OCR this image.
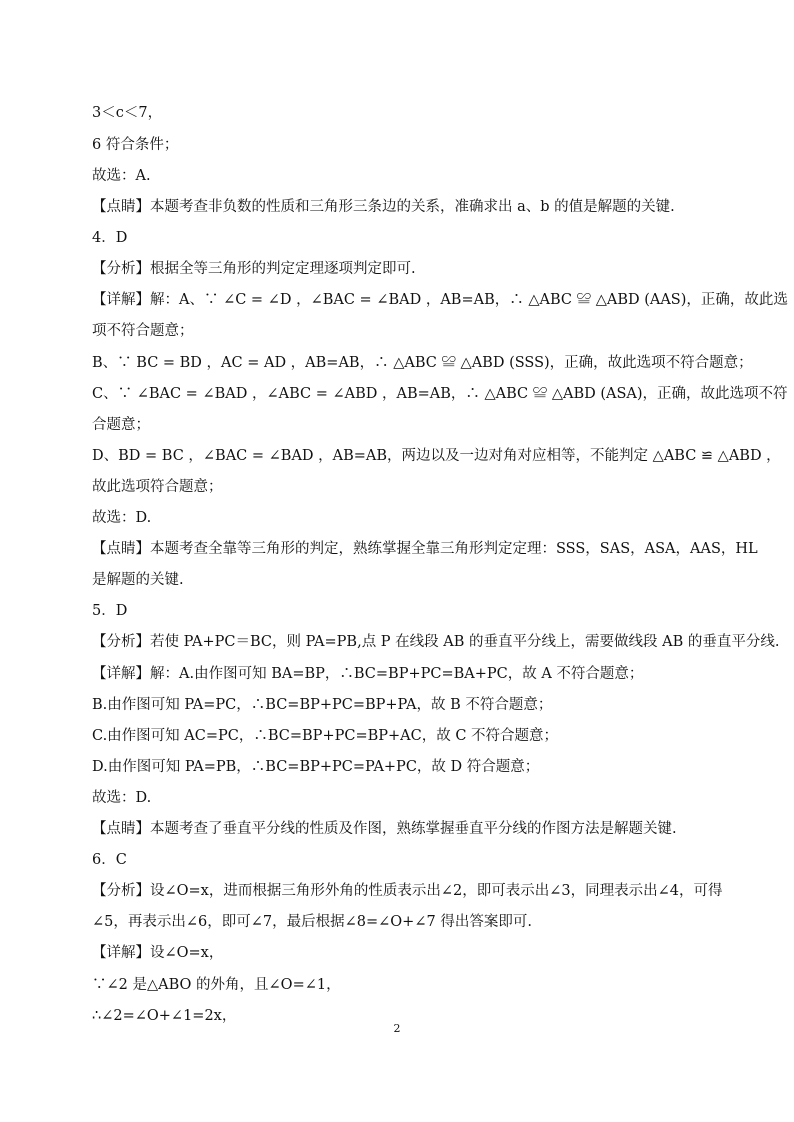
3＜c＜7，
6 符合条件；
故选：A.
【点睛】本题考查非负数的性质和三角形三条边的关系，准确求出 a、b 的值是解题的关键.
4．D
【分析】根据全等三角形的判定定理逐项判定即可.
【详解】解：A、∵ ∠C = ∠D ，∠BAC = ∠BAD ，AB=AB，∴ △ABC ≌ △ABD (AAS)，正确，故此选
项不符合题意；
B、∵ BC = BD ，AC = AD ，AB=AB，∴ △ABC ≌ △ABD (SSS)，正确，故此选项不符合题意；
C、∵ ∠BAC = ∠BAD ，∠ABC = ∠ABD ，AB=AB，∴ △ABC ≌ △ABD (ASA)，正确，故此选项不符
合题意；
D、BD = BC ，∠BAC = ∠BAD ，AB=AB，两边以及一边对角对应相等，不能判定 △ABC ≌ △ABD ，
故此选项符合题意；
故选：D.
【点睛】本题考查全靠等三角形的判定，熟练掌握全靠三角形判定定理：SSS，SAS，ASA，AAS，HL
是解题的关键.
5．D
【分析】若使 PA+PC＝BC，则 PA=PB,点 P 在线段 AB 的垂直平分线上，需要做线段 AB 的垂直平分线.
【详解】解：A.由作图可知 BA=BP，∴BC=BP+PC=BA+PC，故 A 不符合题意；
B.由作图可知 PA=PC，∴BC=BP+PC=BP+PA，故 B 不符合题意；
C.由作图可知 AC=PC，∴BC=BP+PC=BP+AC，故 C 不符合题意；
D.由作图可知 PA=PB，∴BC=BP+PC=PA+PC，故 D 符合题意；
故选：D.
【点睛】本题考查了垂直平分线的性质及作图，熟练掌握垂直平分线的作图方法是解题关键.
6．C
【分析】设∠O=x，进而根据三角形外角的性质表示出∠2，即可表示出∠3，同理表示出∠4，可得
∠5，再表示出∠6，即可∠7，最后根据∠8=∠O+∠7 得出答案即可.
【详解】设∠O=x，
∵∠2 是△ABO 的外角，且∠O=∠1，
∴∠2=∠O+∠1=2x，
2
